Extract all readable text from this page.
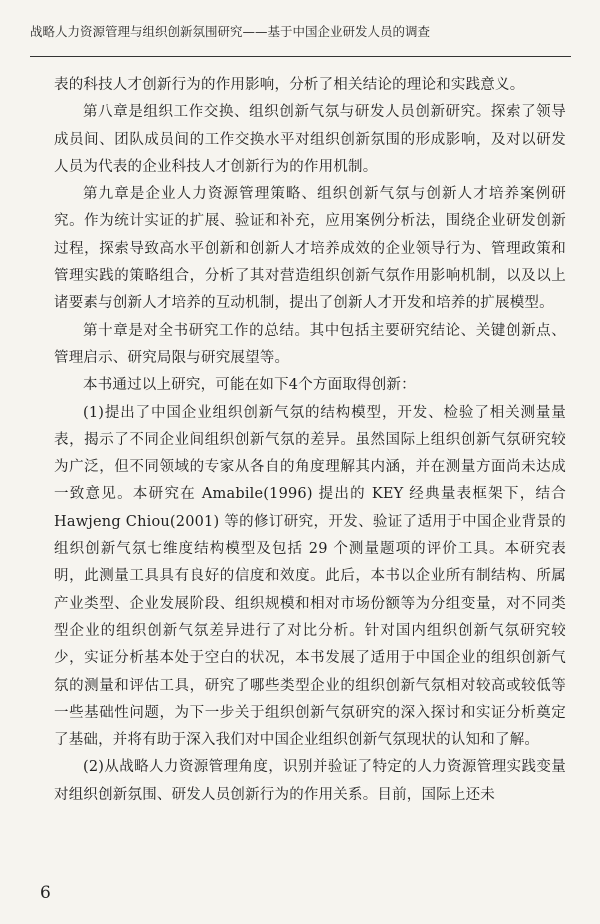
战略人力资源管理与组织创新氛围研究——基于中国企业研发人员的调查

表的科技人才创新行为的作用影响，分析了相关结论的理论和实践意义。

第八章是组织工作交换、组织创新气氛与研发人员创新研究。探索了领导成员间、团队成员间的工作交换水平对组织创新氛围的形成影响，及对以研发人员为代表的企业科技人才创新行为的作用机制。

第九章是企业人力资源管理策略、组织创新气氛与创新人才培养案例研究。作为统计实证的扩展、验证和补充，应用案例分析法，围绕企业研发创新过程，探索导致高水平创新和创新人才培养成效的企业领导行为、管理政策和管理实践的策略组合，分析了其对营造组织创新气氛作用影响机制，以及以上诸要素与创新人才培养的互动机制，提出了创新人才开发和培养的扩展模型。

第十章是对全书研究工作的总结。其中包括主要研究结论、关键创新点、管理启示、研究局限与研究展望等。

本书通过以上研究，可能在如下4个方面取得创新：

(1)提出了中国企业组织创新气氛的结构模型，开发、检验了相关测量量表，揭示了不同企业间组织创新气氛的差异。虽然国际上组织创新气氛研究较为广泛，但不同领域的专家从各自的角度理解其内涵，并在测量方面尚未达成一致意见。本研究在 Amabile(1996) 提出的 KEY 经典量表框架下，结合 Hawjeng Chiou(2001) 等的修订研究，开发、验证了适用于中国企业背景的组织创新气氛七维度结构模型及包括 29 个测量题项的评价工具。本研究表明，此测量工具具有良好的信度和效度。此后，本书以企业所有制结构、所属产业类型、企业发展阶段、组织规模和相对市场份额等为分组变量，对不同类型企业的组织创新气氛差异进行了对比分析。针对国内组织创新气氛研究较少，实证分析基本处于空白的状况，本书发展了适用于中国企业的组织创新气氛的测量和评估工具，研究了哪些类型企业的组织创新气氛相对较高或较低等一些基础性问题，为下一步关于组织创新气氛研究的深入探讨和实证分析奠定了基础，并将有助于深入我们对中国企业组织创新气氛现状的认知和了解。

(2)从战略人力资源管理角度，识别并验证了特定的人力资源管理实践变量对组织创新氛围、研发人员创新行为的作用关系。目前，国际上还未

6
